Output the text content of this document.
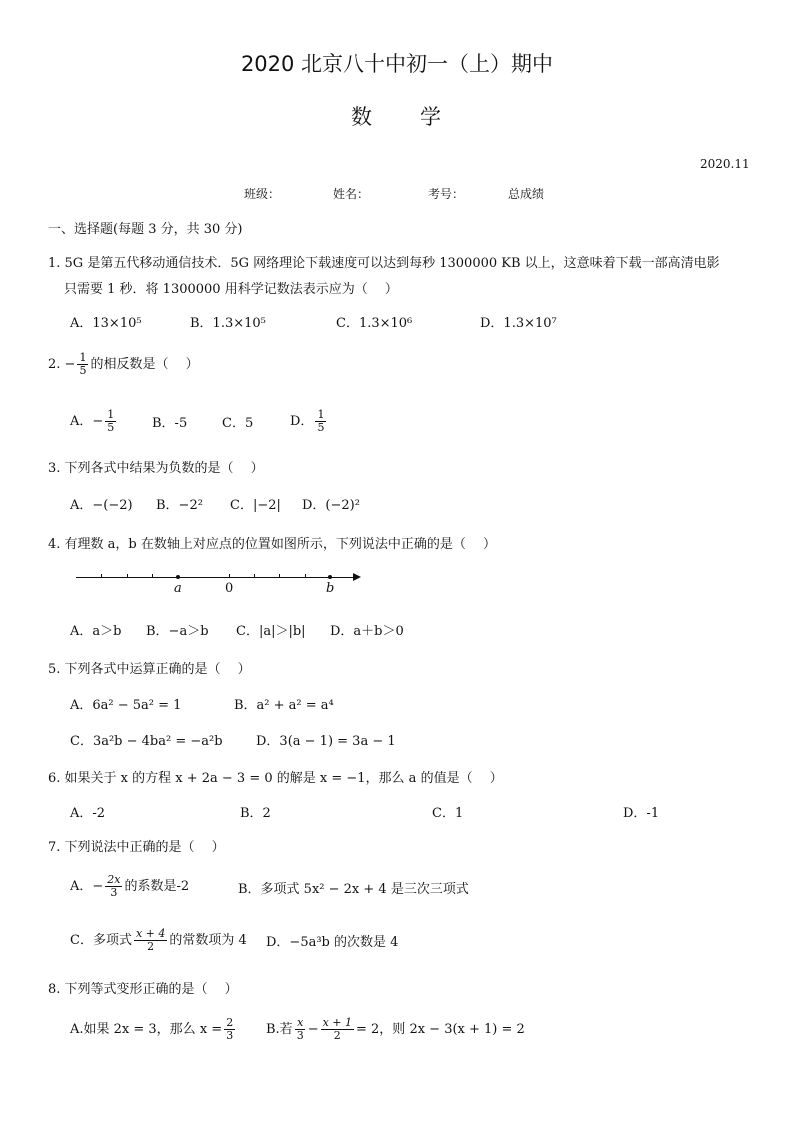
2020 北京八十中初一（上）期中
数　　学
2020.11
班级：	姓名：	考号：	总成绩
一、选择题(每题 3 分，共 30 分)
1. 5G 是第五代移动通信技术．5G 网络理论下载速度可以达到每秒 1300000 KB 以上，这意味着下载一部高清电影
只需要 1 秒．将 1300000 用科学记数法表示应为（　 ）
A．13×10⁵	B．1.3×10⁵	C．1.3×10⁶	D．1.3×10⁷
2. − $\frac{1}{5}$ 的相反数是（　 ）
A．− $\frac{1}{5}$	B．-5	C．5	D． $\frac{1}{5}$
3. 下列各式中结果为负数的是（　 ）
A．−(−2) B．−2² C．|−2| D．(−2)²
4. 有理数 a，b 在数轴上对应点的位置如图所示，下列说法中正确的是（　 ）
a	0	b
A．a＞b B．−a＞b C．|a|＞|b| D．a＋b＞0
5. 下列各式中运算正确的是（　 ）
A．6a² − 5a² = 1	B．a² + a² = a⁴
C．3a²b − 4ba² = −a²b	D．3(a − 1) = 3a − 1
6. 如果关于 x 的方程 x + 2a − 3 = 0 的解是 x = −1，那么 a 的值是（　 ）
A．-2	B．2	C．1	D．-1
7. 下列说法中正确的是（　 ）
A．− $\frac{2x}{3}$ 的系数是-2	B．多项式 5x² − 2x + 4 是三次三项式
C．多项式 $\frac{x + 4}{2}$ 的常数项为 4 D．−5a³b 的次数是 4
8. 下列等式变形正确的是（　 ）
A.如果 2x = 3，那么 $x = \frac{2}{3} B$.若 $\frac{x}{3} - \frac{x + 1}{2} = 2$，则 2x − 3(x + 1) = 2
